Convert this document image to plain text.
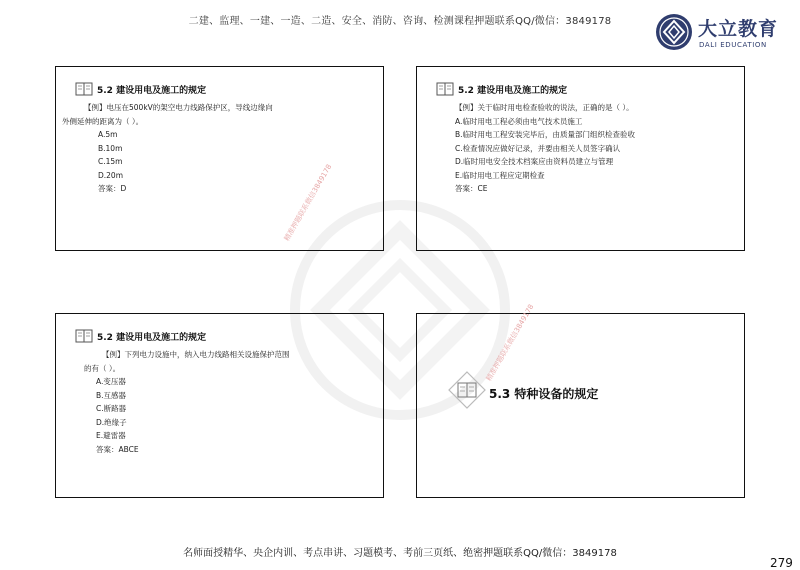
二建、监理、一建、一造、二造、安全、消防、咨询、检测课程押题联系QQ/微信：3849178	大立教育
DALI EDUCATION
精准押题联系微信3849178
5.2 建设用电及施工的规定
【例】电压在500kV的架空电力线路保护区，导线边缘向
外侧延伸的距离为（ ）。
A.5m
B.10m
C.15m
D.20m
答案：D
5.2 建设用电及施工的规定
【例】关于临时用电检查验收的说法，正确的是（ ）。
A.临时用电工程必须由电气技术员施工
B.临时用电工程安装完毕后，由质量部门组织检查验收
C.检查情况应做好记录，并要由相关人员签字确认
D.临时用电安全技术档案应由资料员建立与管理
E.临时用电工程应定期检查
答案：CE
5.2 建设用电及施工的规定
【例】下列电力设施中，纳入电力线路相关设施保护范围
的有（ ）。
A.变压器
B.互感器
C.断路器
D.绝缘子
E.避雷器
答案：ABCE
5.3 特种设备的规定
精准押题联系微信3849178
名师面授精华、央企内训、考点串讲、习题模考、考前三页纸、绝密押题联系QQ/微信：3849178
279
